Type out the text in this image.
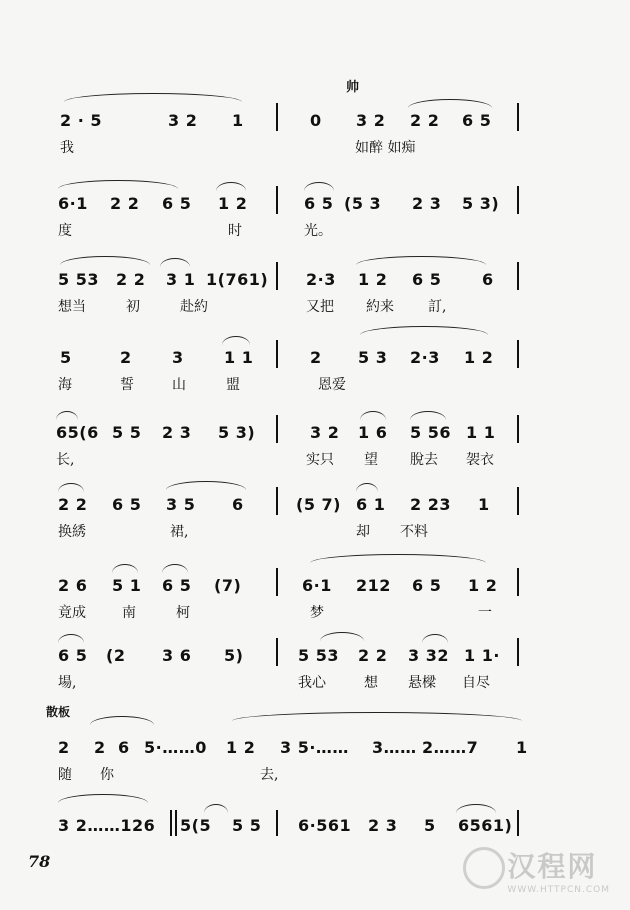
帅
2 · 5	3 2 1	0 3 2 2 2 6 5
我	如醉 如痴
6·1 2 2 6 5 1 2	6 5 (5 3 2 3 5 3)
度	时	光。
5 53 2 2 3 1 1(761) 2·3 1 2 6 5	6
想当	初	赴約	又把 約来 訂,
5	2	3	1 1	2 5 3 2·3 1 2
海	誓	山	盟	恩爱
65(6 5 5 2 3 5 3)	3 2 1 6 5 56 1 1
长,	实只 望 脫去 袈衣
2 2 6 5 3 5 6	(5 7) 6 1 2 23 1
换綉	裙,	却 不料
2 6 5 1 6 5 (7)	6·1 212 6 5 1 2
竟成	南	柯	梦	一
6 5 (2 3 6 5)	5 53 2 2 3 32 1 1·
場,	我心	想 悬樑 自尽
散板
2 2 6 5·……0 1 2 3 5·…… 3…… 2……7 1
随 你	去,
3 2……126 5(5 5 5 6·561 2 3 5 6561)
78	汉程网
WWW.HTTPCN.COM
